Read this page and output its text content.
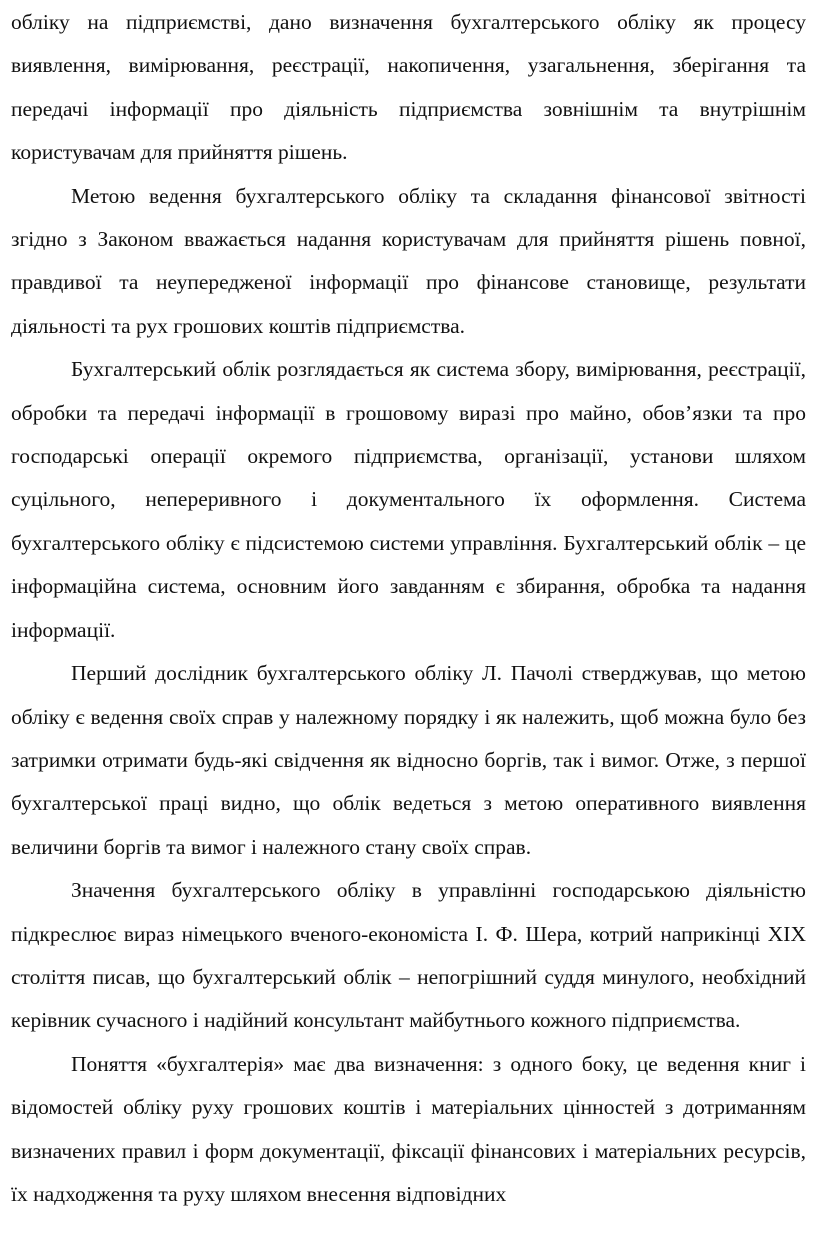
обліку на підприємстві, дано визначення бухгалтерського обліку як процесу виявлення, вимірювання, реєстрації, накопичення, узагальнення, зберігання та передачі інформації про діяльність підприємства зовнішнім та внутрішнім користувачам для прийняття рішень.

Метою ведення бухгалтерського обліку та складання фінансової звітності згідно з Законом вважається надання користувачам для прийняття рішень повної, правдивої та неупередженої інформації про фінансове становище, результати діяльності та рух грошових коштів підприємства.

Бухгалтерський облік розглядається як система збору, вимірювання, реєстрації, обробки та передачі інформації в грошовому виразі про майно, обов’язки та про господарські операції окремого підприємства, організації, установи шляхом суцільного, непереривного і документального їх оформлення. Система бухгалтерського обліку є підсистемою системи управління. Бухгалтерський облік – це інформаційна система, основним його завданням є збирання, обробка та надання інформації.

Перший дослідник бухгалтерського обліку Л. Пачолі стверджував, що метою обліку є ведення своїх справ у належному порядку і як належить, щоб можна було без затримки отримати будь-які свідчення як відносно боргів, так і вимог. Отже, з першої бухгалтерської праці видно, що облік ведеться з метою оперативного виявлення величини боргів та вимог і належного стану своїх справ.

Значення бухгалтерського обліку в управлінні господарською діяльністю підкреслює вираз німецького вченого-економіста І. Ф. Шера, котрий наприкінці XIX століття писав, що бухгалтерський облік – непогрішний суддя минулого, необхідний керівник сучасного і надійний консультант майбутнього кожного підприємства.

Поняття «бухгалтерія» має два визначення: з одного боку, це ведення книг і відомостей обліку руху грошових коштів і матеріальних цінностей з дотриманням визначених правил і форм документації, фіксації фінансових і матеріальних ресурсів, їх надходження та руху шляхом внесення відповідних
